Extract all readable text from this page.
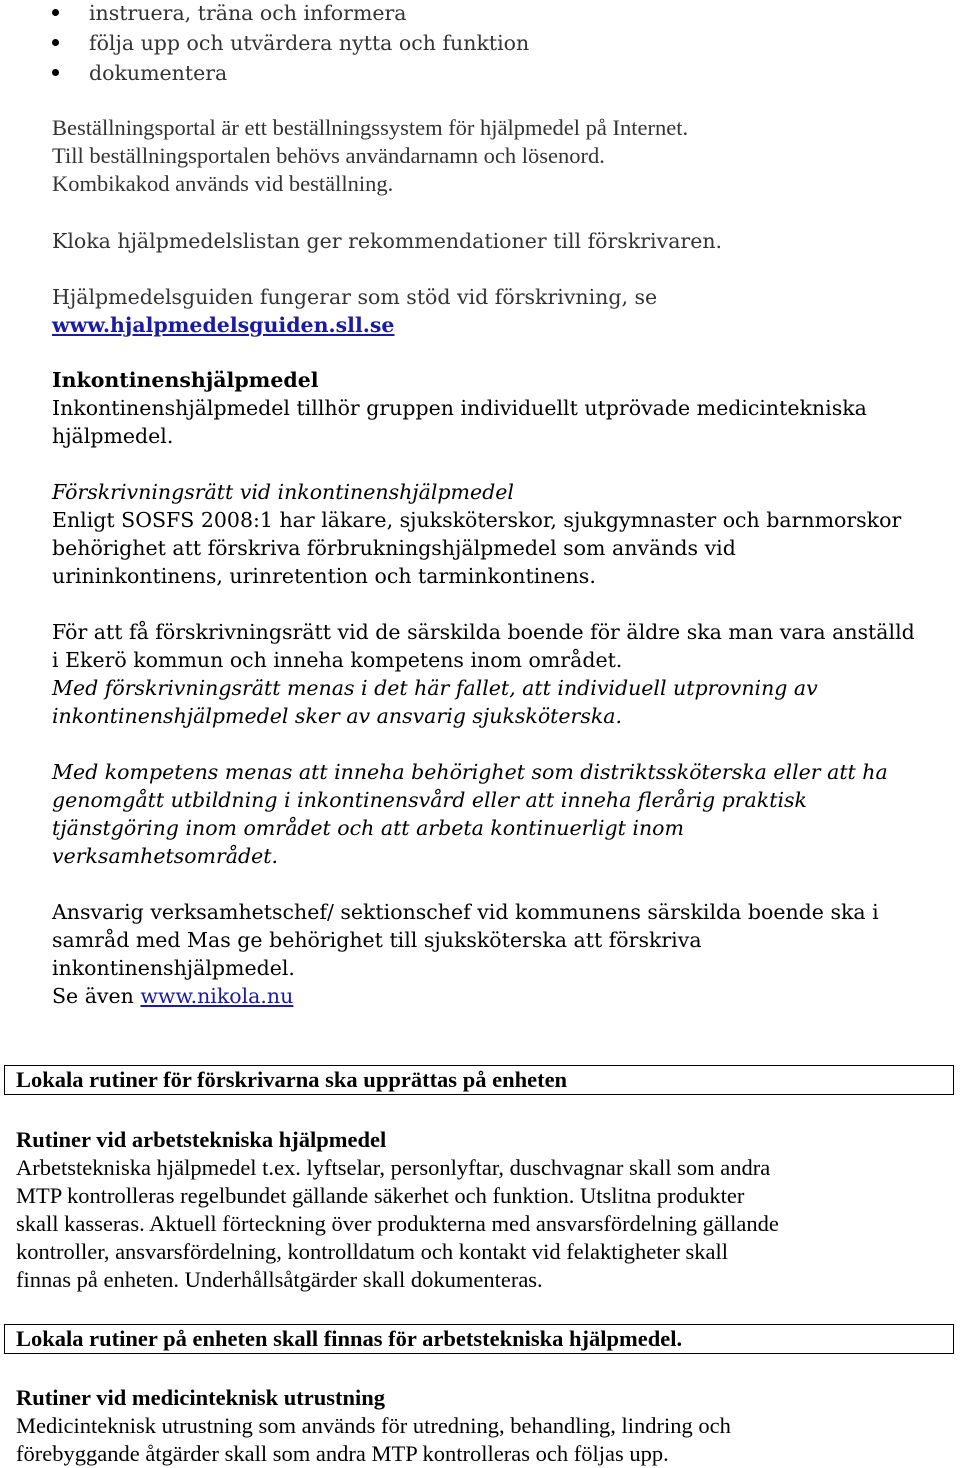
instruera, träna och informera
följa upp och utvärdera nytta och funktion
dokumentera
Beställningsportal är ett beställningssystem för hjälpmedel på Internet.
Till beställningsportalen behövs användarnamn och lösenord.
Kombikakod används vid beställning.
Kloka hjälpmedelslistan ger rekommendationer till förskrivaren.
Hjälpmedelsguiden fungerar som stöd vid förskrivning, se
www.hjalpmedelsguiden.sll.se
Inkontinenshjälpmedel
Inkontinenshjälpmedel tillhör gruppen individuellt utprövade medicintekniska
hjälpmedel.
Förskrivningsrätt vid inkontinenshjälpmedel
Enligt SOSFS 2008:1 har läkare, sjuksköterskor, sjukgymnaster och barnmorskor
behörighet att förskriva förbrukningshjälpmedel som används vid
urininkontinens, urinretention och tarminkontinens.
För att få förskrivningsrätt vid de särskilda boende för äldre ska man vara anställd
i Ekerö kommun och inneha kompetens inom området.
Med förskrivningsrätt menas i det här fallet, att individuell utprovning av
inkontinenshjälpmedel sker av ansvarig sjuksköterska.
Med kompetens menas att inneha behörighet som distriktssköterska eller att ha
genomgått utbildning i inkontinensvård eller att inneha flerårig praktisk
tjänstgöring inom området och att arbeta kontinuerligt inom
verksamhetsområdet.
Ansvarig verksamhetschef/ sektionschef vid kommunens särskilda boende ska i
samråd med Mas ge behörighet till sjuksköterska att förskriva
inkontinenshjälpmedel.
Se även www.nikola.nu
Lokala rutiner för förskrivarna ska upprättas på enheten
Rutiner vid arbetstekniska hjälpmedel
Arbetstekniska hjälpmedel t.ex. lyftselar, personlyftar, duschvagnar skall som andra
MTP kontrolleras regelbundet gällande säkerhet och funktion. Utslitna produkter
skall kasseras. Aktuell förteckning över produkterna med ansvarsfördelning gällande
kontroller, ansvarsfördelning, kontrolldatum och kontakt vid felaktigheter skall
finnas på enheten. Underhållsåtgärder skall dokumenteras.
Lokala rutiner på enheten skall finnas för arbetstekniska hjälpmedel.
Rutiner vid medicinteknisk utrustning
Medicinteknisk utrustning som används för utredning, behandling, lindring och
förebyggande åtgärder skall som andra MTP kontrolleras och följas upp.
